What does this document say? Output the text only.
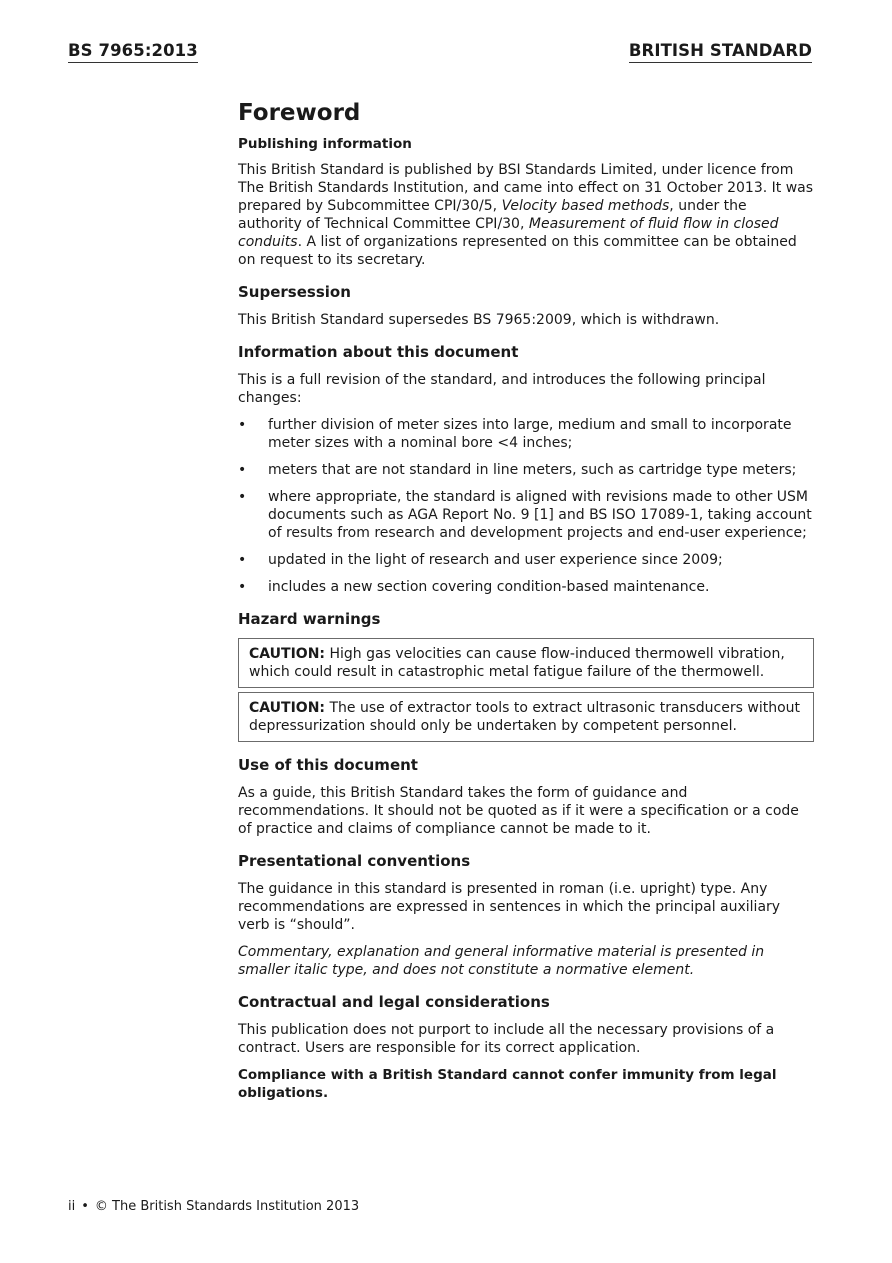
BS 7965:2013	BRITISH STANDARD
Foreword
Publishing information

This British Standard is published by BSI Standards Limited, under licence from The British Standards Institution, and came into effect on 31 October 2013. It was prepared by Subcommittee CPI/30/5, Velocity based methods, under the authority of Technical Committee CPI/30, Measurement of fluid flow in closed conduits. A list of organizations represented on this committee can be obtained on request to its secretary.

Supersession

This British Standard supersedes BS 7965:2009, which is withdrawn.

Information about this document

This is a full revision of the standard, and introduces the following principal changes:

• further division of meter sizes into large, medium and small to incorporate meter sizes with a nominal bore <4 inches;
• meters that are not standard in line meters, such as cartridge type meters;
• where appropriate, the standard is aligned with revisions made to other USM documents such as AGA Report No. 9 [1] and BS ISO 17089-1, taking account of results from research and development projects and end-user experience;
• updated in the light of research and user experience since 2009;
• includes a new section covering condition-based maintenance.
Hazard warnings
CAUTION: High gas velocities can cause flow-induced thermowell vibration, which could result in catastrophic metal fatigue failure of the thermowell.
CAUTION: The use of extractor tools to extract ultrasonic transducers without depressurization should only be undertaken by competent personnel.
Use of this document

As a guide, this British Standard takes the form of guidance and recommendations. It should not be quoted as if it were a specification or a code of practice and claims of compliance cannot be made to it.

Presentational conventions

The guidance in this standard is presented in roman (i.e. upright) type. Any recommendations are expressed in sentences in which the principal auxiliary verb is “should”.

Commentary, explanation and general informative material is presented in smaller italic type, and does not constitute a normative element.

Contractual and legal considerations

This publication does not purport to include all the necessary provisions of a contract. Users are responsible for its correct application.

Compliance with a British Standard cannot confer immunity from legal obligations.

ii • © The British Standards Institution 2013
